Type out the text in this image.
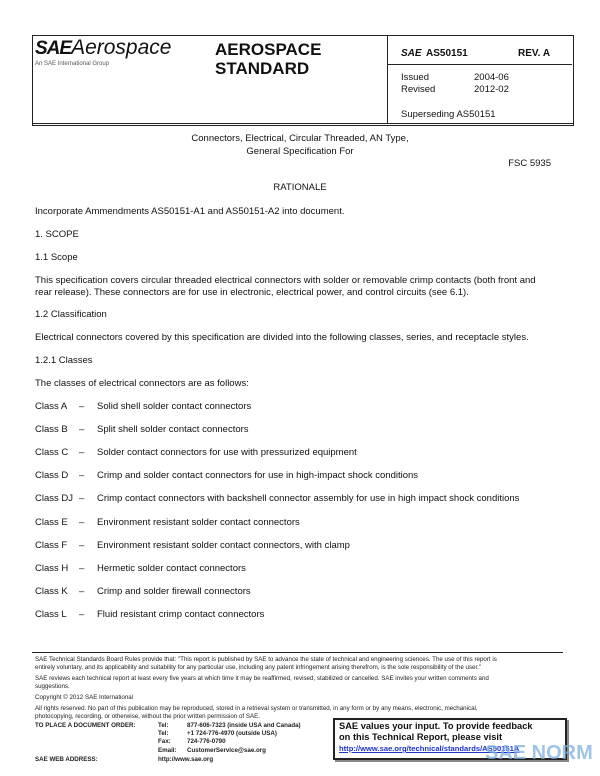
SAEAerospace
An SAE International Group
AEROSPACE
STANDARD
SAE AS50151	REV. A
Issued	2004-06
Revised	2012-02
Superseding AS50151
Connectors, Electrical, Circular Threaded, AN Type,
General Specification For
FSC 5935
RATIONALE
Incorporate Ammendments AS50151-A1 and AS50151-A2 into document.
1. SCOPE
1.1 Scope
This specification covers circular threaded electrical connectors with solder or removable crimp contacts (both front and
rear release). These connectors are for use in electronic, electrical power, and control circuits (see 6.1).
1.2 Classification
Electrical connectors covered by this specification are divided into the following classes, series, and receptacle styles.
1.2.1 Classes
The classes of electrical connectors are as follows:
Class A – Solid shell solder contact connectors
Class B – Split shell solder contact connectors
Class C – Solder contact connectors for use with pressurized equipment
Class D – Crimp and solder contact connectors for use in high-impact shock conditions
Class DJ – Crimp contact connectors with backshell connector assembly for use in high impact shock conditions
Class E – Environment resistant solder contact connectors
Class F – Environment resistant solder contact connectors, with clamp
Class H – Hermetic solder contact connectors
Class K – Crimp and solder firewall connectors
Class L – Fluid resistant crimp contact connectors
SAE Technical Standards Board Rules provide that: "This report is published by SAE to advance the state of technical and engineering sciences. The use of this report is
entirely voluntary, and its applicability and suitability for any particular use, including any patent infringement arising therefrom, is the sole responsibility of the user."
SAE reviews each technical report at least every five years at which time it may be reaffirmed, revised, stabilized or cancelled. SAE invites your written comments and
suggestions.
Copyright © 2012 SAE International
All rights reserved. No part of this publication may be reproduced, stored in a retrieval system or transmitted, in any form or by any means, electronic, mechanical,
photocopying, recording, or otherwise, without the prior written permission of SAE.
TO PLACE A DOCUMENT ORDER:	Tel:	877-606-7323 (inside USA and Canada)
Tel:	+1 724-776-4970 (outside USA)
Fax:	724-776-0790
Email: CustomerService@sae.org
SAE WEB ADDRESS:	http://www.sae.org
SAE values your input. To provide feedback
on this Technical Report, please visit
http://www.sae.org/technical/standards/AS50151A
SAE NORM
